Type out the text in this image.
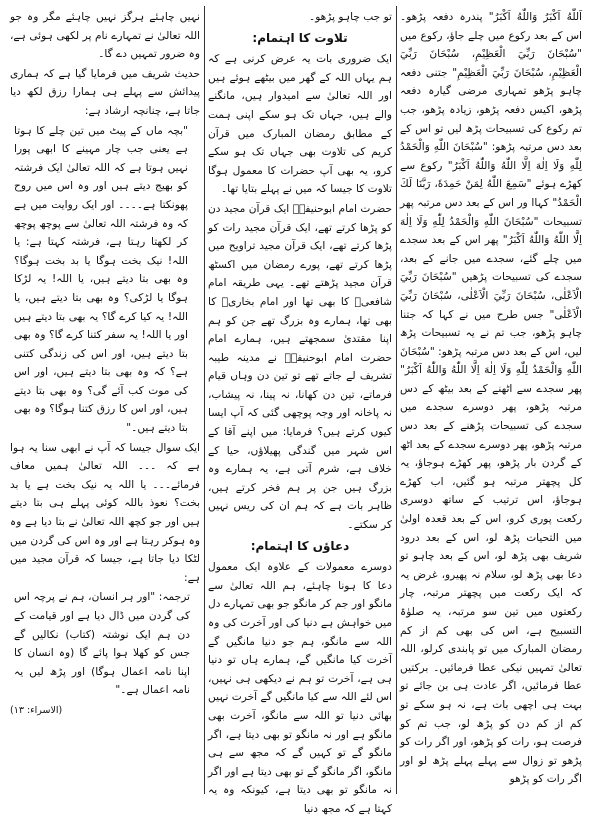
اَللّٰهُ اَكْبَرُ وَاللّٰهُ اَكْبَرُ" پندرہ دفعہ پڑھو۔ اس کے بعد رکوع میں چلے جاؤ، رکوع میں "سُبْحَانَ رَبِّيَ الْعَظِيْمِ، سُبْحَانَ رَبِّيَ الْعَظِيْمِ، سُبْحَانَ رَبِّيَ الْعَظِيْمِ" جتنی دفعہ چاہو پڑھو تمہاری مرضی گیارہ دفعہ پڑھو، اکیس دفعہ پڑھو، زیادہ پڑھو، جب تم رکوع کی تسبیحات پڑھ لیں تو اس کے بعد دس مرتبہ پڑھو: "سُبْحَانَ اللّٰهِ وَالْحَمْدُ لِلّٰهِ وَلَا اِلٰهَ اِلَّا اللّٰهُ وَاللّٰهُ اَكْبَرُ" رکوع سے کھڑے ہوئے "سَمِعَ اللّٰهُ لِمَنْ حَمِدَهٗ، رَبَّنَا لَكَ الْحَمْدُ" کہاا ور اس کے بعد دس مرتبہ پھر تسبیحات "سُبْحَانَ اللّٰهِ وَالْحَمْدُ لِلّٰهِ وَلَا اِلٰهَ اِلَّا اللّٰهُ وَاللّٰهُ اَكْبَرُ" پھر اس کے بعد سجدے میں چلے گئے، سجدے میں جانے کے بعد، سجدے کی تسبیحات پڑھیں "سُبْحَانَ رَبِّيَ الْاَعْلٰى، سُبْحَانَ رَبِّيَ الْاَعْلٰى، سُبْحَانَ رَبِّيَ الْاَعْلٰى" جس طرح میں نے کہا کہ جتنا چاہو پڑھو، جب تم نے یہ تسبیحات پڑھ لیں، اس کے بعد دس مرتبہ پڑھو: "سُبْحَانَ اللّٰهِ وَالْحَمْدُ لِلّٰهِ وَلَا اِلٰهَ اِلَّا اللّٰهُ وَاللّٰهُ اَكْبَرُ" پھر سجدے سے اٹھنے کے بعد بیٹھ کے دس مرتبہ پڑھو، پھر دوسرے سجدے میں سجدے کی تسبیحات پڑھنے کے بعد دس مرتبہ پڑھو، پھر دوسرے سجدے کے بعد اٹھ کے گردن بار پڑھو، پھر کھڑے ہوجاؤ، یہ کل پچھتر مرتبہ ہو گئیں، اب کھڑے ہوجاؤ، اس ترتیب کے ساتھ دوسری رکعت پوری کرو، اس کے بعد قعدہ اولیٰ میں التحیات پڑھ لو، اس کے بعد درود شریف بھی پڑھ لو، اس کے بعد چاہو تو دعا بھی پڑھ لو، سلام نہ پھیرو، غرض یہ کہ ایک رکعت میں پچھتر مرتبہ، چار رکعتوں میں تین سو مرتبہ، یہ صلوٰۃ التسبیح ہے، اس کی بھی کم از کم رمضان المبارک میں تو پابندی کرلو، اللہ تعالیٰ تمہیں نیکی عطا فرمائیں۔ برکتیں عطا فرمائیں، اگر عادت ہی بن جائے تو بہت ہی اچھی بات ہے، نہ ہو سکے تو کم از کم دن کو پڑھ لو، جب تم کو فرصت ہو، رات کو پڑھو، اور اگر رات کو پڑھو تو زوال سے پہلے پہلے پڑھ لو اور اگر رات کو پڑھو

تو جب چاہو پڑھو۔

تلاوت کا اہتمام:

ایک ضروری بات یہ عرض کرنی ہے کہ ہم یہاں اللہ کے گھر میں بیٹھے ہوئے ہیں اور اللہ تعالیٰ سے امیدوار ہیں، مانگنے والے ہیں، جہاں تک ہو سکے اپنی ہمت کے مطابق رمضان المبارک میں قرآن کریم کی تلاوت بھی جہاں تک ہو سکے کرو، یہ بھی آپ حضرات کا معمول ہوگا تلاوت کا جیسا کہ میں نے پہلے بتایا تھا۔

حضرت امام ابوحنیفہؒ ایک قرآن مجید دن کو پڑھا کرتے تھے، ایک قرآن مجید رات کو پڑھا کرتے تھے، ایک قرآن مجید تراویح میں پڑھا کرتے تھے، پورے رمضان میں اکسٹھ قرآن مجید پڑھتے تھے۔ یہی طریقہ امام شافعیؒ کا بھی تھا اور امام بخاریؒ کا بھی تھا، ہمارے وہ بزرگ تھے جن کو ہم اپنا مقتدیٰ سمجھتے ہیں، ہمارے امام حضرت امام ابوحنیفہؒ نے مدینہ طیبہ تشریف لے جاتے تھے تو تین دن وہاں قیام فرماتے، تین دن کھانا، نہ پینا، نہ پیشاب، نہ پاخانہ اور وجہ پوچھی گئی کہ آپ ایسا کیوں کرتے ہیں؟ فرمایا: میں اپنے آقا کے اس شہر میں گندگی پھیلاؤں، حیا کے خلاف ہے، شرم آتی ہے، یہ ہمارے وہ بزرگ ہیں جن پر ہم فخر کرتے ہیں، ظاہر بات ہے کہ ہم ان کی ریس نہیں کر سکتے۔

دعاؤں کا اہتمام:

دوسرے معمولات کے علاوہ ایک معمول دعا کا ہونا چاہئے، ہم اللہ تعالیٰ سے مانگو اور جم کر مانگو جو بھی تمہارے دل میں خواہش ہے دنیا کی اور آخرت کی وہ اللہ سے مانگو، ہم جو دنیا مانگیں گے آخرت کیا مانگیں گے، ہمارے ہاں تو دنیا ہی ہے، آخرت تو ہم نے دیکھی ہی نہیں، اس لئے اللہ سے کیا مانگیں گے آخرت نہیں بھائی دنیا تو اللہ سے مانگو، آخرت بھی مانگو ہے اور نہ مانگو تو بھی دیتا ہے، اگر مانگو گے تو کہیں گے کہ مجھ سے ہی مانگو، اگر مانگو گے تو بھی دیتا ہے اور اگر نہ مانگو تو بھی دیتا ہے، کیونکہ وہ یہ کہتا ہے کہ مجھ دنیا

نہیں چاہئے ہرگز نہیں چاہئے مگر وہ جو اللہ تعالیٰ نے تمہارے نام پر لکھی ہوئی ہے، وہ ضرور تمہیں دے گا۔

حدیث شریف میں فرمایا گیا ہے کہ ہماری پیدائش سے پہلے ہی ہمارا رزق لکھ دیا جاتا ہے، چنانچہ ارشاد ہے:

"بچہ ماں کے پیٹ میں تین چلے کا ہوتا ہے یعنی جب چار مہینے کا ابھی پورا نہیں ہوتا ہے کہ اللہ تعالیٰ ایک فرشتہ کو بھیج دیتے ہیں اور وہ اس میں روح پھونکتا ہے۔۔۔۔ اور ایک روایت میں ہے کہ وہ فرشتہ اللہ تعالیٰ سے پوچھ پوچھ کر لکھتا رہتا ہے، فرشتہ کہتا ہے: یا اللہ! نیک بخت ہوگا یا بد بخت ہوگا؟ وہ بھی بتا دیتے ہیں، یا اللہ! یہ لڑکا ہوگا یا لڑکی؟ وہ بھی بتا دیتے ہیں، یا اللہ! یہ کیا کرے گا؟ یہ بھی بتا دیتے ہیں اور یا اللہ! یہ سفر کتنا کرے گا؟ وہ بھی بتا دیتے ہیں، اور اس کی زندگی کتنی ہے؟ کہ وہ بھی بتا دیتے ہیں، اور اس کی موت کب آئے گی؟ وہ بھی بتا دیتے ہیں، اور اس کا رزق کتنا ہوگا؟ وہ بھی بتا دیتے ہیں۔"

ایک سوال جیسا کہ آپ نے ابھی سنا یہ ہوا ہے کہ ۔۔۔ اللہ تعالیٰ ہمیں معاف فرمائے۔۔۔ یا اللہ یہ نیک بخت ہے یا بد بخت؟ نعوذ باللہ کوئی پہلے ہی بتا دیتے ہیں اور جو کچھ اللہ تعالیٰ نے بتا دیا ہے وہ وہ ہوکر رہتا ہے اور وہ اس کی گردن میں لٹکا دیا جاتا ہے، جیسا کہ قرآن مجید میں ہے:

ترجمہ: "اور ہر انسان، ہم نے پرچہ اس کی گردن میں ڈال دیا ہے اور قیامت کے دن ہم ایک نوشتہ (کتاب) نکالیں گے جس کو کھلا ہوا پائے گا (وہ انسان کا اپنا نامہ اعمال ہوگا) اور پڑھ لیں یہ نامہ اعمال ہے۔"

(الاسراء: ۱۳)
